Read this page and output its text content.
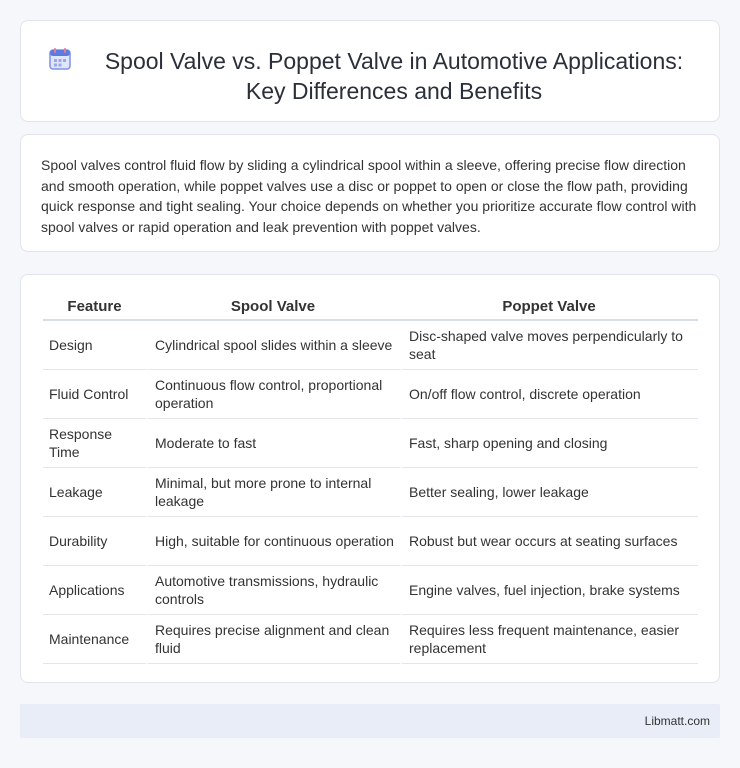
Spool Valve vs. Poppet Valve in Automotive Applications: Key Differences and Benefits

Spool valves control fluid flow by sliding a cylindrical spool within a sleeve, offering precise flow direction and smooth operation, while poppet valves use a disc or poppet to open or close the flow path, providing quick response and tight sealing. Your choice depends on whether you prioritize accurate flow control with spool valves or rapid operation and leak prevention with poppet valves.

Feature	Spool Valve	Poppet Valve
Design	Cylindrical spool slides within a sleeve	Disc-shaped valve moves perpendicularly to seat
Fluid Control	Continuous flow control, proportional operation	On/off flow control, discrete operation
Response Time	Moderate to fast	Fast, sharp opening and closing
Leakage	Minimal, but more prone to internal leakage	Better sealing, lower leakage
Durability	High, suitable for continuous operation	Robust but wear occurs at seating surfaces
Applications	Automotive transmissions, hydraulic controls	Engine valves, fuel injection, brake systems
Maintenance	Requires precise alignment and clean fluid	Requires less frequent maintenance, easier replacement
Libmatt.com
